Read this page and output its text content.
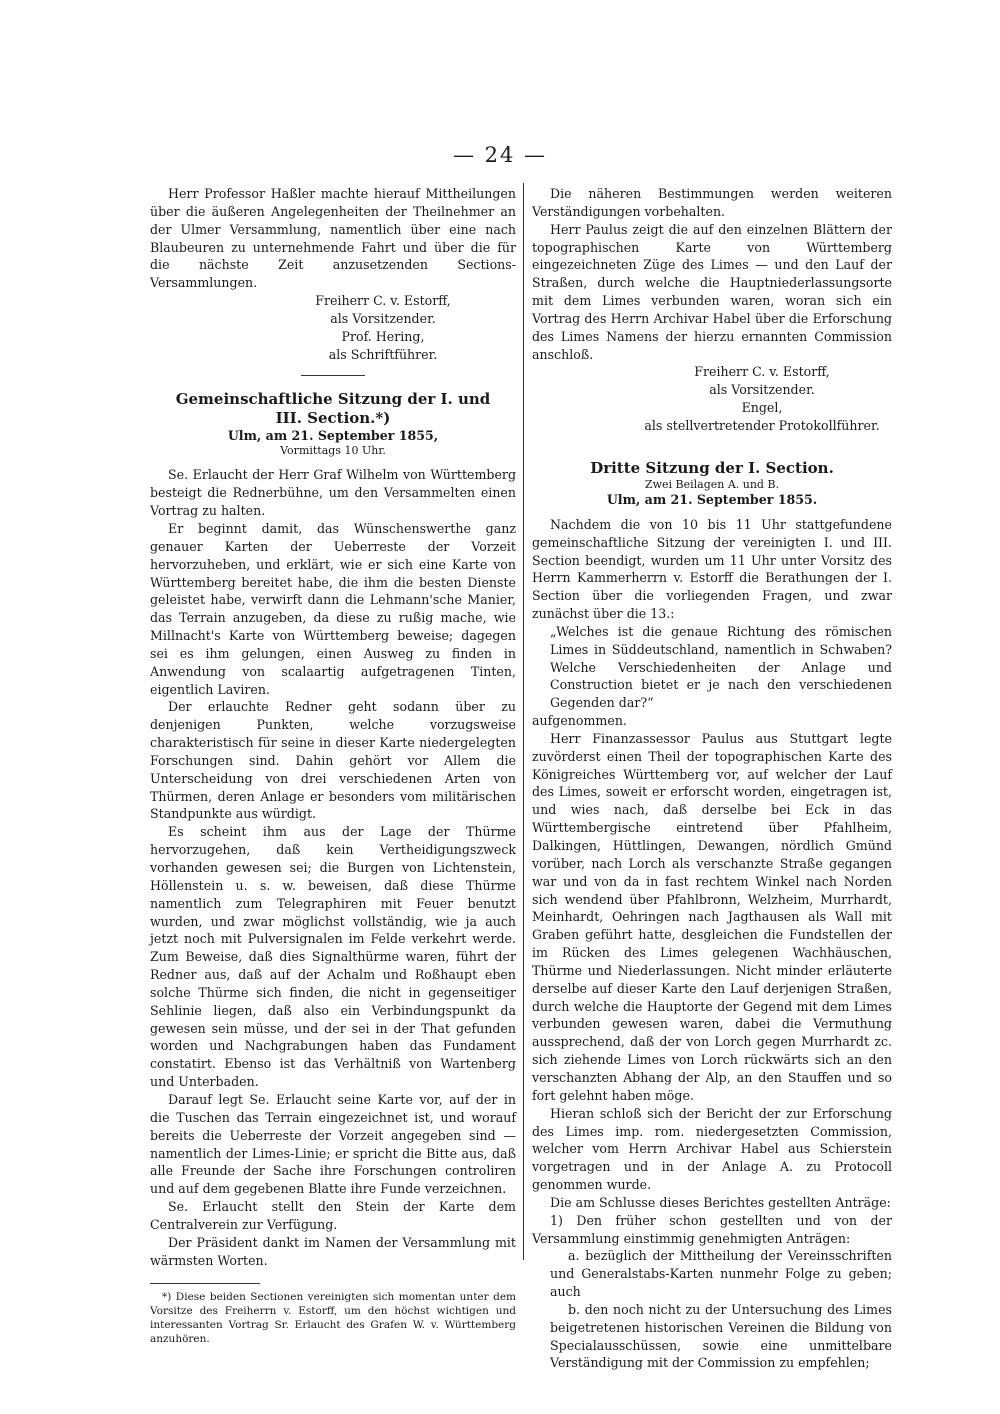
— 24 —

Herr Professor Haßler machte hierauf Mittheilungen über die äußeren Angelegenheiten der Theilnehmer an der Ulmer Versammlung, namentlich über eine nach Blaubeuren zu unternehmende Fahrt und über die für die nächste Zeit anzusetzenden Sections-Versammlungen.

Freiherr C. v. Estorff,

als Vorsitzender.

Prof. Hering,

als Schriftführer.

Gemeinschaftliche Sitzung der I. und

III. Section.*)

Ulm, am 21. September 1855,

Vormittags 10 Uhr.

Se. Erlaucht der Herr Graf Wilhelm von Württemberg besteigt die Rednerbühne, um den Versammelten einen Vortrag zu halten.

Er beginnt damit, das Wünschenswerthe ganz genauer Karten der Ueberreste der Vorzeit hervorzuheben, und erklärt, wie er sich eine Karte von Württemberg bereitet habe, die ihm die besten Dienste geleistet habe, verwirft dann die Lehmann'sche Manier, das Terrain anzugeben, da diese zu rußig mache, wie Millnacht's Karte von Württemberg beweise; dagegen sei es ihm gelungen, einen Ausweg zu finden in Anwendung von scalaartig aufgetragenen Tinten, eigentlich Laviren.

Der erlauchte Redner geht sodann über zu denjenigen Punkten, welche vorzugsweise charakteristisch für seine in dieser Karte niedergelegten Forschungen sind. Dahin gehört vor Allem die Unterscheidung von drei verschiedenen Arten von Thürmen, deren Anlage er besonders vom militärischen Standpunkte aus würdigt.

Es scheint ihm aus der Lage der Thürme hervorzugehen, daß kein Vertheidigungszweck vorhanden gewesen sei; die Burgen von Lichtenstein, Höllenstein u. s. w. beweisen, daß diese Thürme namentlich zum Telegraphiren mit Feuer benutzt wurden, und zwar möglichst vollständig, wie ja auch jetzt noch mit Pulversignalen im Felde verkehrt werde. Zum Beweise, daß dies Signalthürme waren, führt der Redner aus, daß auf der Achalm und Roßhaupt eben solche Thürme sich finden, die nicht in gegenseitiger Sehlinie liegen, daß also ein Verbindungspunkt da gewesen sein müsse, und der sei in der That gefunden worden und Nachgrabungen haben das Fundament constatirt. Ebenso ist das Verhältniß von Wartenberg und Unterbaden.

Darauf legt Se. Erlaucht seine Karte vor, auf der in die Tuschen das Terrain eingezeichnet ist, und worauf bereits die Ueberreste der Vorzeit angegeben sind — namentlich der Limes-Linie; er spricht die Bitte aus, daß alle Freunde der Sache ihre Forschungen controliren und auf dem gegebenen Blatte ihre Funde verzeichnen.

Se. Erlaucht stellt den Stein der Karte dem Centralverein zur Verfügung.

Der Präsident dankt im Namen der Versammlung mit wärmsten Worten.

*) Diese beiden Sectionen vereinigten sich momentan unter dem Vorsitze des Freiherrn v. Estorff, um den höchst wichtigen und interessanten Vortrag Sr. Erlaucht des Grafen W. v. Württemberg anzuhören.

Die näheren Bestimmungen werden weiteren Verständigungen vorbehalten.

Herr Paulus zeigt die auf den einzelnen Blättern der topographischen Karte von Württemberg eingezeichneten Züge des Limes — und den Lauf der Straßen, durch welche die Hauptniederlassungsorte mit dem Limes verbunden waren, woran sich ein Vortrag des Herrn Archivar Habel über die Erforschung des Limes Namens der hierzu ernannten Commission anschloß.

Freiherr C. v. Estorff,

als Vorsitzender.

Engel,

als stellvertretender Protokollführer.

Dritte Sitzung der I. Section.

Zwei Beilagen A. und B.

Ulm, am 21. September 1855.

Nachdem die von 10 bis 11 Uhr stattgefundene gemeinschaftliche Sitzung der vereinigten I. und III. Section beendigt, wurden um 11 Uhr unter Vorsitz des Herrn Kammerherrn v. Estorff die Berathungen der I. Section über die vorliegenden Fragen, und zwar zunächst über die 13.:

„Welches ist die genaue Richtung des römischen Limes in Süddeutschland, namentlich in Schwaben? Welche Verschiedenheiten der Anlage und Construction bietet er je nach den verschiedenen Gegenden dar?“

aufgenommen.

Herr Finanzassessor Paulus aus Stuttgart legte zuvörderst einen Theil der topographischen Karte des Königreiches Württemberg vor, auf welcher der Lauf des Limes, soweit er erforscht worden, eingetragen ist, und wies nach, daß derselbe bei Eck in das Württembergische eintretend über Pfahlheim, Dalkingen, Hüttlingen, Dewangen, nördlich Gmünd vorüber, nach Lorch als verschanzte Straße gegangen war und von da in fast rechtem Winkel nach Norden sich wendend über Pfahlbronn, Welzheim, Murrhardt, Meinhardt, Oehringen nach Jagthausen als Wall mit Graben geführt hatte, desgleichen die Fundstellen der im Rücken des Limes gelegenen Wachhäuschen, Thürme und Niederlassungen. Nicht minder erläuterte derselbe auf dieser Karte den Lauf derjenigen Straßen, durch welche die Hauptorte der Gegend mit dem Limes verbunden gewesen waren, dabei die Vermuthung aussprechend, daß der von Lorch gegen Murrhardt zc. sich ziehende Limes von Lorch rückwärts sich an den verschanzten Abhang der Alp, an den Stauffen und so fort gelehnt haben möge.

Hieran schloß sich der Bericht der zur Erforschung des Limes imp. rom. niedergesetzten Commission, welcher vom Herrn Archivar Habel aus Schierstein vorgetragen und in der Anlage A. zu Protocoll genommen wurde.

Die am Schlusse dieses Berichtes gestellten Anträge:

1) Den früher schon gestellten und von der Versammlung einstimmig genehmigten Anträgen:

a. bezüglich der Mittheilung der Vereinsschriften und Generalstabs-Karten nunmehr Folge zu geben; auch

b. den noch nicht zu der Untersuchung des Limes beigetretenen historischen Vereinen die Bildung von Specialausschüssen, sowie eine unmittelbare Verständigung mit der Commission zu empfehlen;
